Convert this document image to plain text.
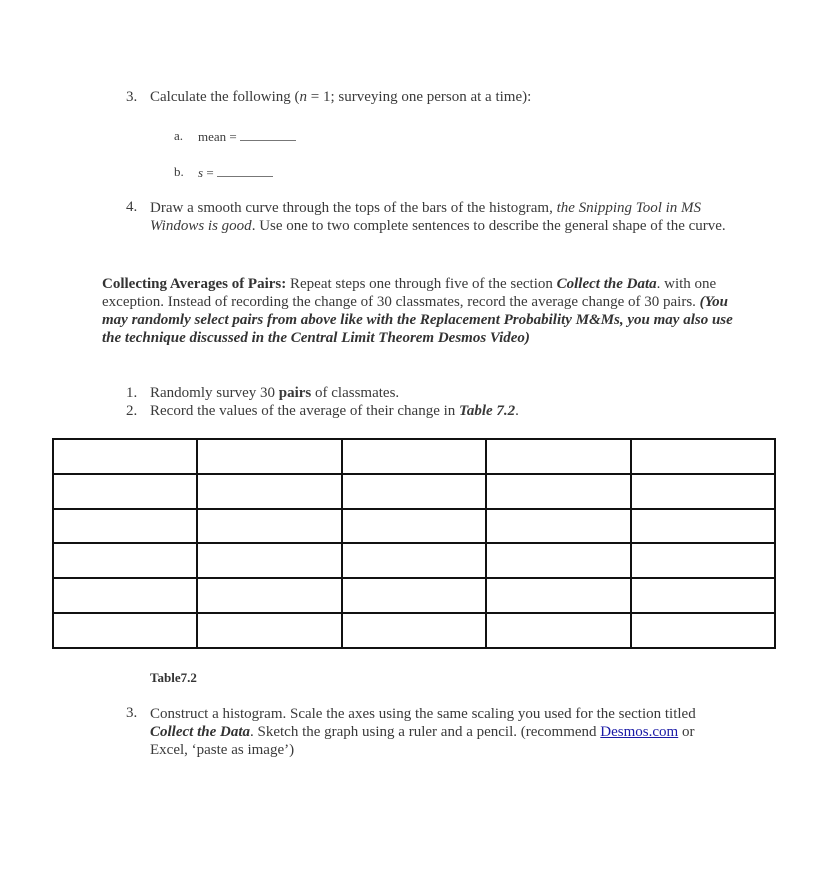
3. Calculate the following (n = 1; surveying one person at a time):
a. mean =
b. s =
4. Draw a smooth curve through the tops of the bars of the histogram, the Snipping Tool in MS Windows is good. Use one to two complete sentences to describe the general shape of the curve.

Collecting Averages of Pairs: Repeat steps one through five of the section Collect the Data. with one exception. Instead of recording the change of 30 classmates, record the average change of 30 pairs. (You may randomly select pairs from above like with the Replacement Probability M&Ms, you may also use the technique discussed in the Central Limit Theorem Desmos Video)

1. Randomly survey 30 pairs of classmates.
2. Record the values of the average of their change in Table 7.2.

Table7.2
3. Construct a histogram. Scale the axes using the same scaling you used for the section titled Collect the Data. Sketch the graph using a ruler and a pencil. (recommend Desmos.com or Excel, ‘paste as image’)
